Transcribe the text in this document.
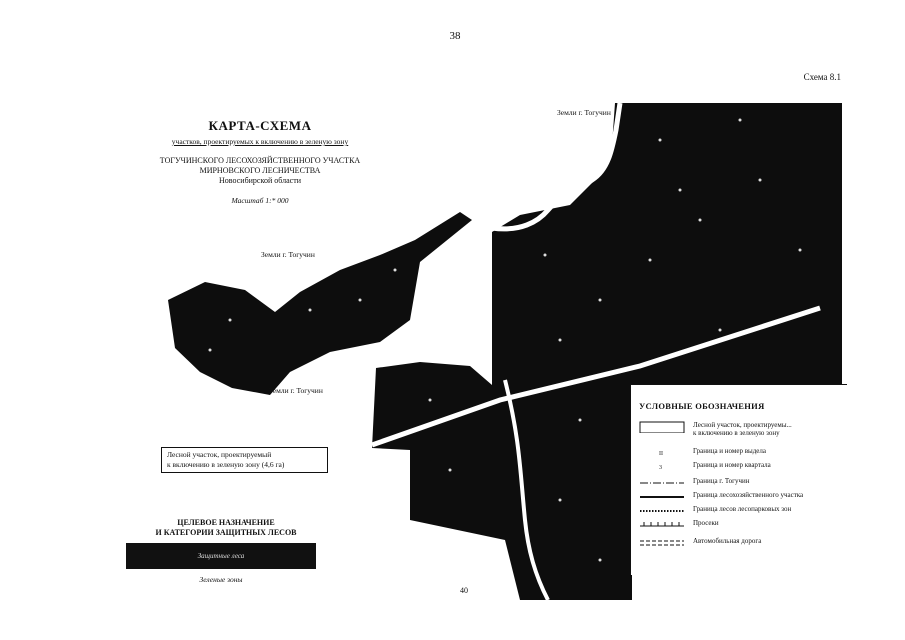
38
Схема 8.1
Земли г. Тогучин
Земли г. Тогучин
Земли г. Тогучин
КАРТА-СХЕМА
участков, проектируемых к включению в зеленую зону
ТОГУЧИНСКОГО ЛЕСОХОЗЯЙСТВЕННОГО УЧАСТКА
МИРНОВСКОГО ЛЕСНИЧЕСТВА
Новосибирской области
Масштаб 1:* 000
Лесной участок, проектируемый
к включению в зеленую зону (4,6 га)
ЦЕЛЕВОЕ НАЗНАЧЕНИЕ
И КАТЕГОРИИ ЗАЩИТНЫХ ЛЕСОВ
Защитные леса
Зеленые зоны
40
УСЛОВНЫЕ ОБОЗНАЧЕНИЯ
Лесной участок, проектируемы...
к включению в зеленую зону
II	Граница и номер выдела
3	Граница и номер квартала
Граница г. Тогучин
Граница лесохозяйственного участка
Граница лесов лесопарковых зон
Просеки
Автомобильная дорога
